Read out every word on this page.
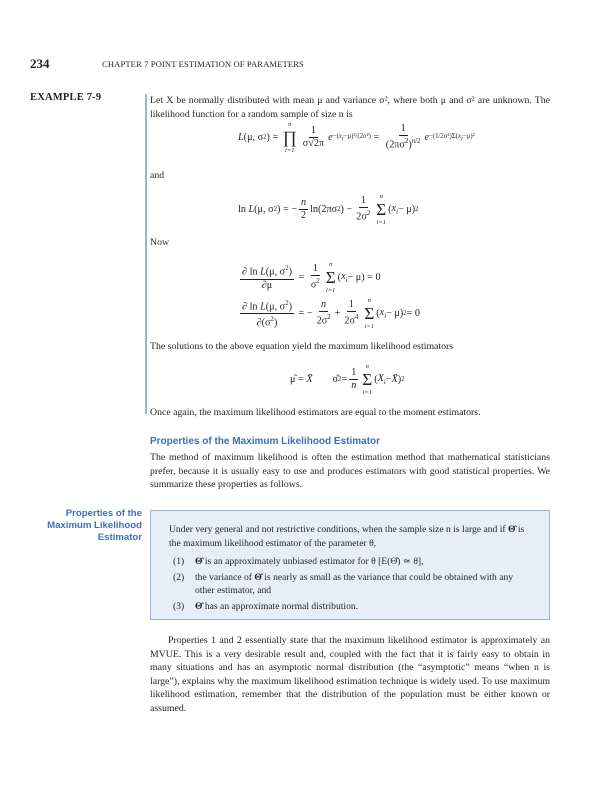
234	CHAPTER 7 POINT ESTIMATION OF PARAMETERS
EXAMPLE 7-9	Let X be normally distributed with mean μ and variance σ², where both μ and σ² are unknown. The likelihood function for a random sample of size n is

L (μ, σ 2 ) =
n
∏
i=1
$\frac{1}{\sigma√2\pi}$ $e -(x_i-\mu)^2/(2\sigma^2) = \frac{1}{(2\pi\sigma^2)^{n/2}}$ $e -(1/2\sigma^2)\Sigma(x_i-\mu)^2$

and

ln L (μ, σ 2 ) = − $\frac{n}{2} \ln(2\pi\sigma$ 2 ) − $\frac{1}{2\sigma^2}$ n
Σ
i=1
( $x_i - \mu$) 2

Now

$\frac{\partial \ln L(\mu, \sigma^2)}{\partial\mu} = \frac{1}{\sigma^2}$ n
Σ
i=1
( $x_i - \mu) = 0$
$\frac{\partial \ln L(\mu, \sigma^2)}{\partial(\sigma^2)}$ = − $\frac{n}{2\sigma^2} + \frac{1}{2\sigma^4}$ n
Σ
i=1
( $x_i - \mu$) 2 = 0

The solutions to the above equation yield the maximum likelihood estimators

μ̂ = X̄ σ̂ $2 = \frac{1}{n}$
n
Σ
i=1
( $X_i$ − X̄ ) 2

Once again, the maximum likelihood estimators are equal to the moment estimators.

Properties of the Maximum Likelihood Estimator

The method of maximum likelihood is often the estimation method that mathematical statisticians prefer, because it is usually easy to use and produces estimators with good statistical properties. We summarize these properties as follows.

Properties of the Maximum Likelihood Estimator
Under very general and not restrictive conditions, when the sample size n is large and if Θ̂ is the maximum likelihood estimator of the parameter θ,
(1)	Θ̂ is an approximately unbiased estimator for θ [E(Θ̂) ≃ θ],
(2)	the variance of Θ̂ is nearly as small as the variance that could be obtained with any other estimator, and
(3)	Θ̂ has an approximate normal distribution.
Properties 1 and 2 essentially state that the maximum likelihood estimator is approximately an MVUE. This is a very desirable result and, coupled with the fact that it is fairly easy to obtain in many situations and has an asymptotic normal distribution (the “asymptotic” means “when n is large”), explains why the maximum likelihood estimation technique is widely used. To use maximum likelihood estimation, remember that the distribution of the population must be either known or assumed.
